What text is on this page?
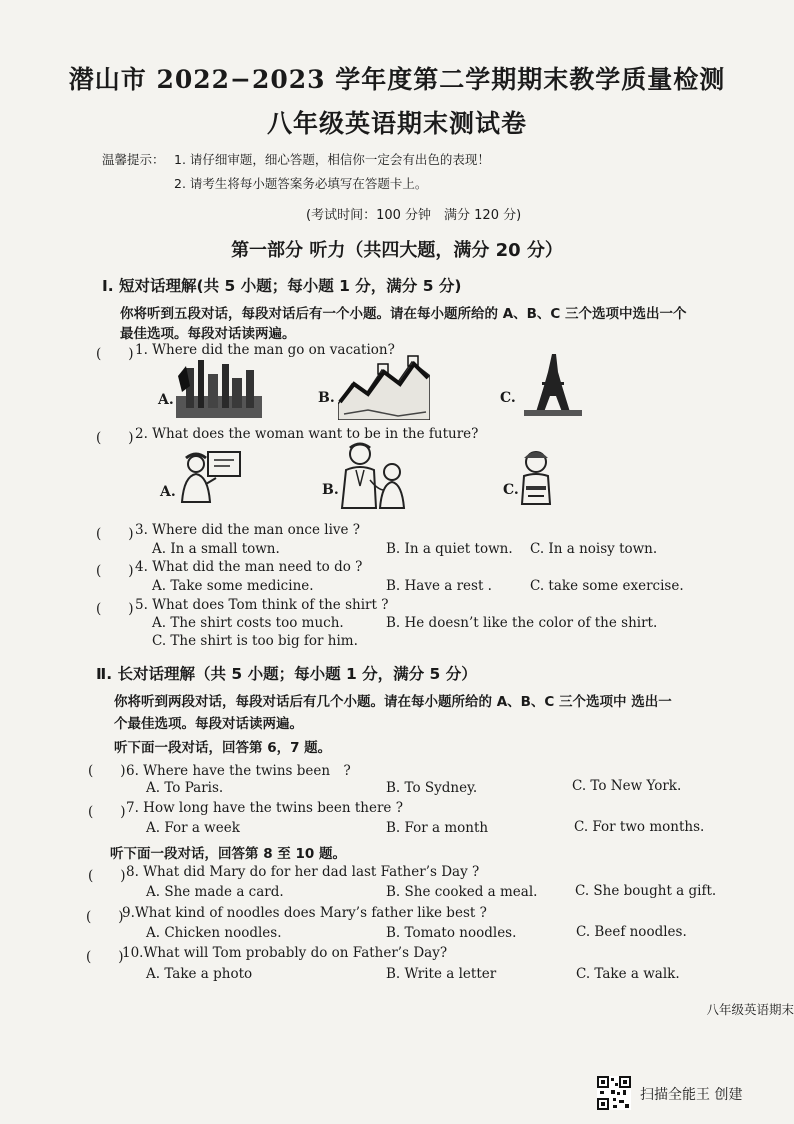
潜山市 2022−2023 学年度第二学期期末教学质量检测
八年级英语期末测试卷
温馨提示： 1. 请仔细审题，细心答题，相信你一定会有出色的表现！
2. 请考生将每小题答案务必填写在答题卡上。
(考试时间：100 分钟　满分 120 分)
第一部分 听力（共四大题，满分 20 分）
Ⅰ. 短对话理解(共 5 小题；每小题 1 分，满分 5 分)
你将听到五段对话，每段对话后有一个小题。请在每小题所给的 A、B、C 三个选项中选出一个
最佳选项。每段对话读两遍。
(　　) 1. Where did the man go on vacation?
A.	B.	C.
(　　) 2. What does the woman want to be in the future?
A.	B.	C.
(　　) 3. Where did the man once live ?
A. In a small town.	B. In a quiet town. C. In a noisy town.
(　　) 4. What did the man need to do ?
A. Take some medicine.	B. Have a rest .	C. take some exercise.
(　　) 5. What does Tom think of the shirt ?
A. The shirt costs too much.	B. He doesn’t like the color of the shirt.
C. The shirt is too big for him.
Ⅱ. 长对话理解（共 5 小题；每小题 1 分，满分 5 分）
你将听到两段对话，每段对话后有几个小题。请在每小题所给的 A、B、C 三个选项中 选出一
个最佳选项。每段对话读两遍。
听下面一段对话，回答第 6，7 题。
(　　) 6. Where have the twins been　?
A. To Paris.	B. To Sydney.	C. To New York.
(　　) 7. How long have the twins been there ?
A. For a week	B. For a month	C. For two months.
听下面一段对话，回答第 8 至 10 题。
(　　) 8. What did Mary do for her dad last Father’s Day ?
A. She made a card.	B. She cooked a meal.	C. She bought a gift.
(　　)
9.What kind of noodles does Mary’s father like best ?
A. Chicken noodles.	B. Tomato noodles.	C. Beef noodles.
(　　)
10.What will Tom probably do on Father’s Day?
A. Take a photo	B. Write a letter	C. Take a walk.
八年级英语期末
扫描全能王 创建
